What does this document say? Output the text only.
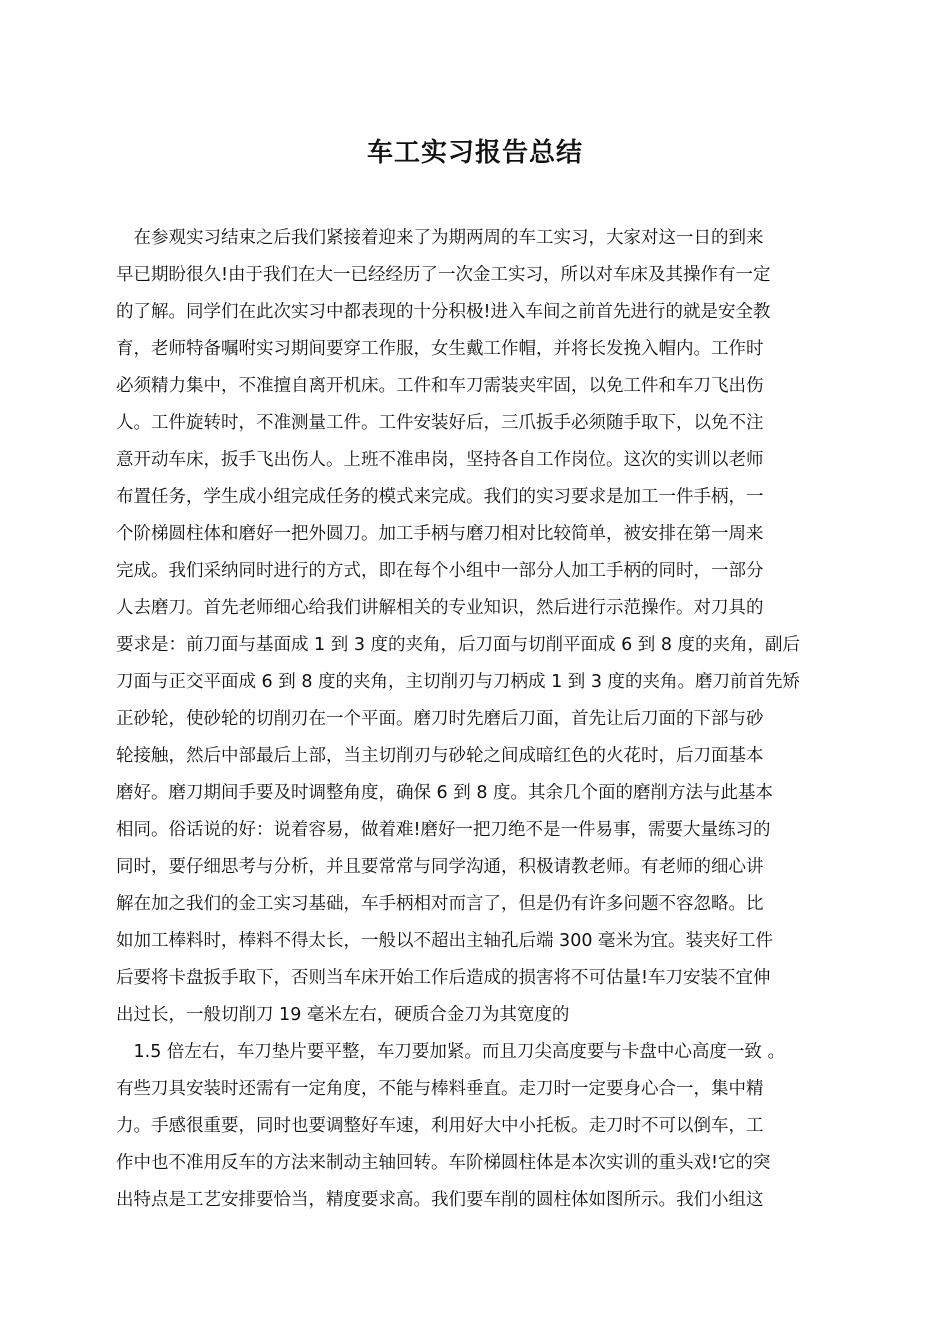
车工实习报告总结
　在参观实习结束之后我们紧接着迎来了为期两周的车工实习，大家对这一日的到来
早已期盼很久!由于我们在大一已经经历了一次金工实习，所以对车床及其操作有一定
的了解。同学们在此次实习中都表现的十分积极!进入车间之前首先进行的就是安全教
育，老师特备嘱咐实习期间要穿工作服，女生戴工作帽，并将长发挽入帽内。工作时
必须精力集中，不准擅自离开机床。工件和车刀需装夹牢固，以免工件和车刀飞出伤
人。工件旋转时，不准测量工件。工件安装好后，三爪扳手必须随手取下，以免不注
意开动车床，扳手飞出伤人。上班不准串岗，坚持各自工作岗位。这次的实训以老师
布置任务，学生成小组完成任务的模式来完成。我们的实习要求是加工一件手柄，一
个阶梯圆柱体和磨好一把外圆刀。加工手柄与磨刀相对比较简单，被安排在第一周来
完成。我们采纳同时进行的方式，即在每个小组中一部分人加工手柄的同时，一部分
人去磨刀。首先老师细心给我们讲解相关的专业知识，然后进行示范操作。对刀具的
要求是：前刀面与基面成 1 到 3 度的夹角，后刀面与切削平面成 6 到 8 度的夹角，副后
刀面与正交平面成 6 到 8 度的夹角，主切削刃与刀柄成 1 到 3 度的夹角。磨刀前首先矫
正砂轮，使砂轮的切削刃在一个平面。磨刀时先磨后刀面，首先让后刀面的下部与砂
轮接触，然后中部最后上部，当主切削刃与砂轮之间成暗红色的火花时，后刀面基本
磨好。磨刀期间手要及时调整角度，确保 6 到 8 度。其余几个面的磨削方法与此基本
相同。俗话说的好：说着容易，做着难!磨好一把刀绝不是一件易事，需要大量练习的
同时，要仔细思考与分析，并且要常常与同学沟通，积极请教老师。有老师的细心讲
解在加之我们的金工实习基础，车手柄相对而言了，但是仍有许多问题不容忽略。比
如加工棒料时，棒料不得太长，一般以不超出主轴孔后端 300 毫米为宜。装夹好工件
后要将卡盘扳手取下，否则当车床开始工作后造成的损害将不可估量!车刀安装不宜伸
出过长，一般切削刀 19 毫米左右，硬质合金刀为其宽度的
　1.5 倍左右，车刀垫片要平整，车刀要加紧。而且刀尖高度要与卡盘中心高度一致 。
有些刀具安装时还需有一定角度，不能与棒料垂直。走刀时一定要身心合一，集中精
力。手感很重要，同时也要调整好车速，利用好大中小托板。走刀时不可以倒车，工
作中也不准用反车的方法来制动主轴回转。车阶梯圆柱体是本次实训的重头戏!它的突
出特点是工艺安排要恰当，精度要求高。我们要车削的圆柱体如图所示。我们小组这
